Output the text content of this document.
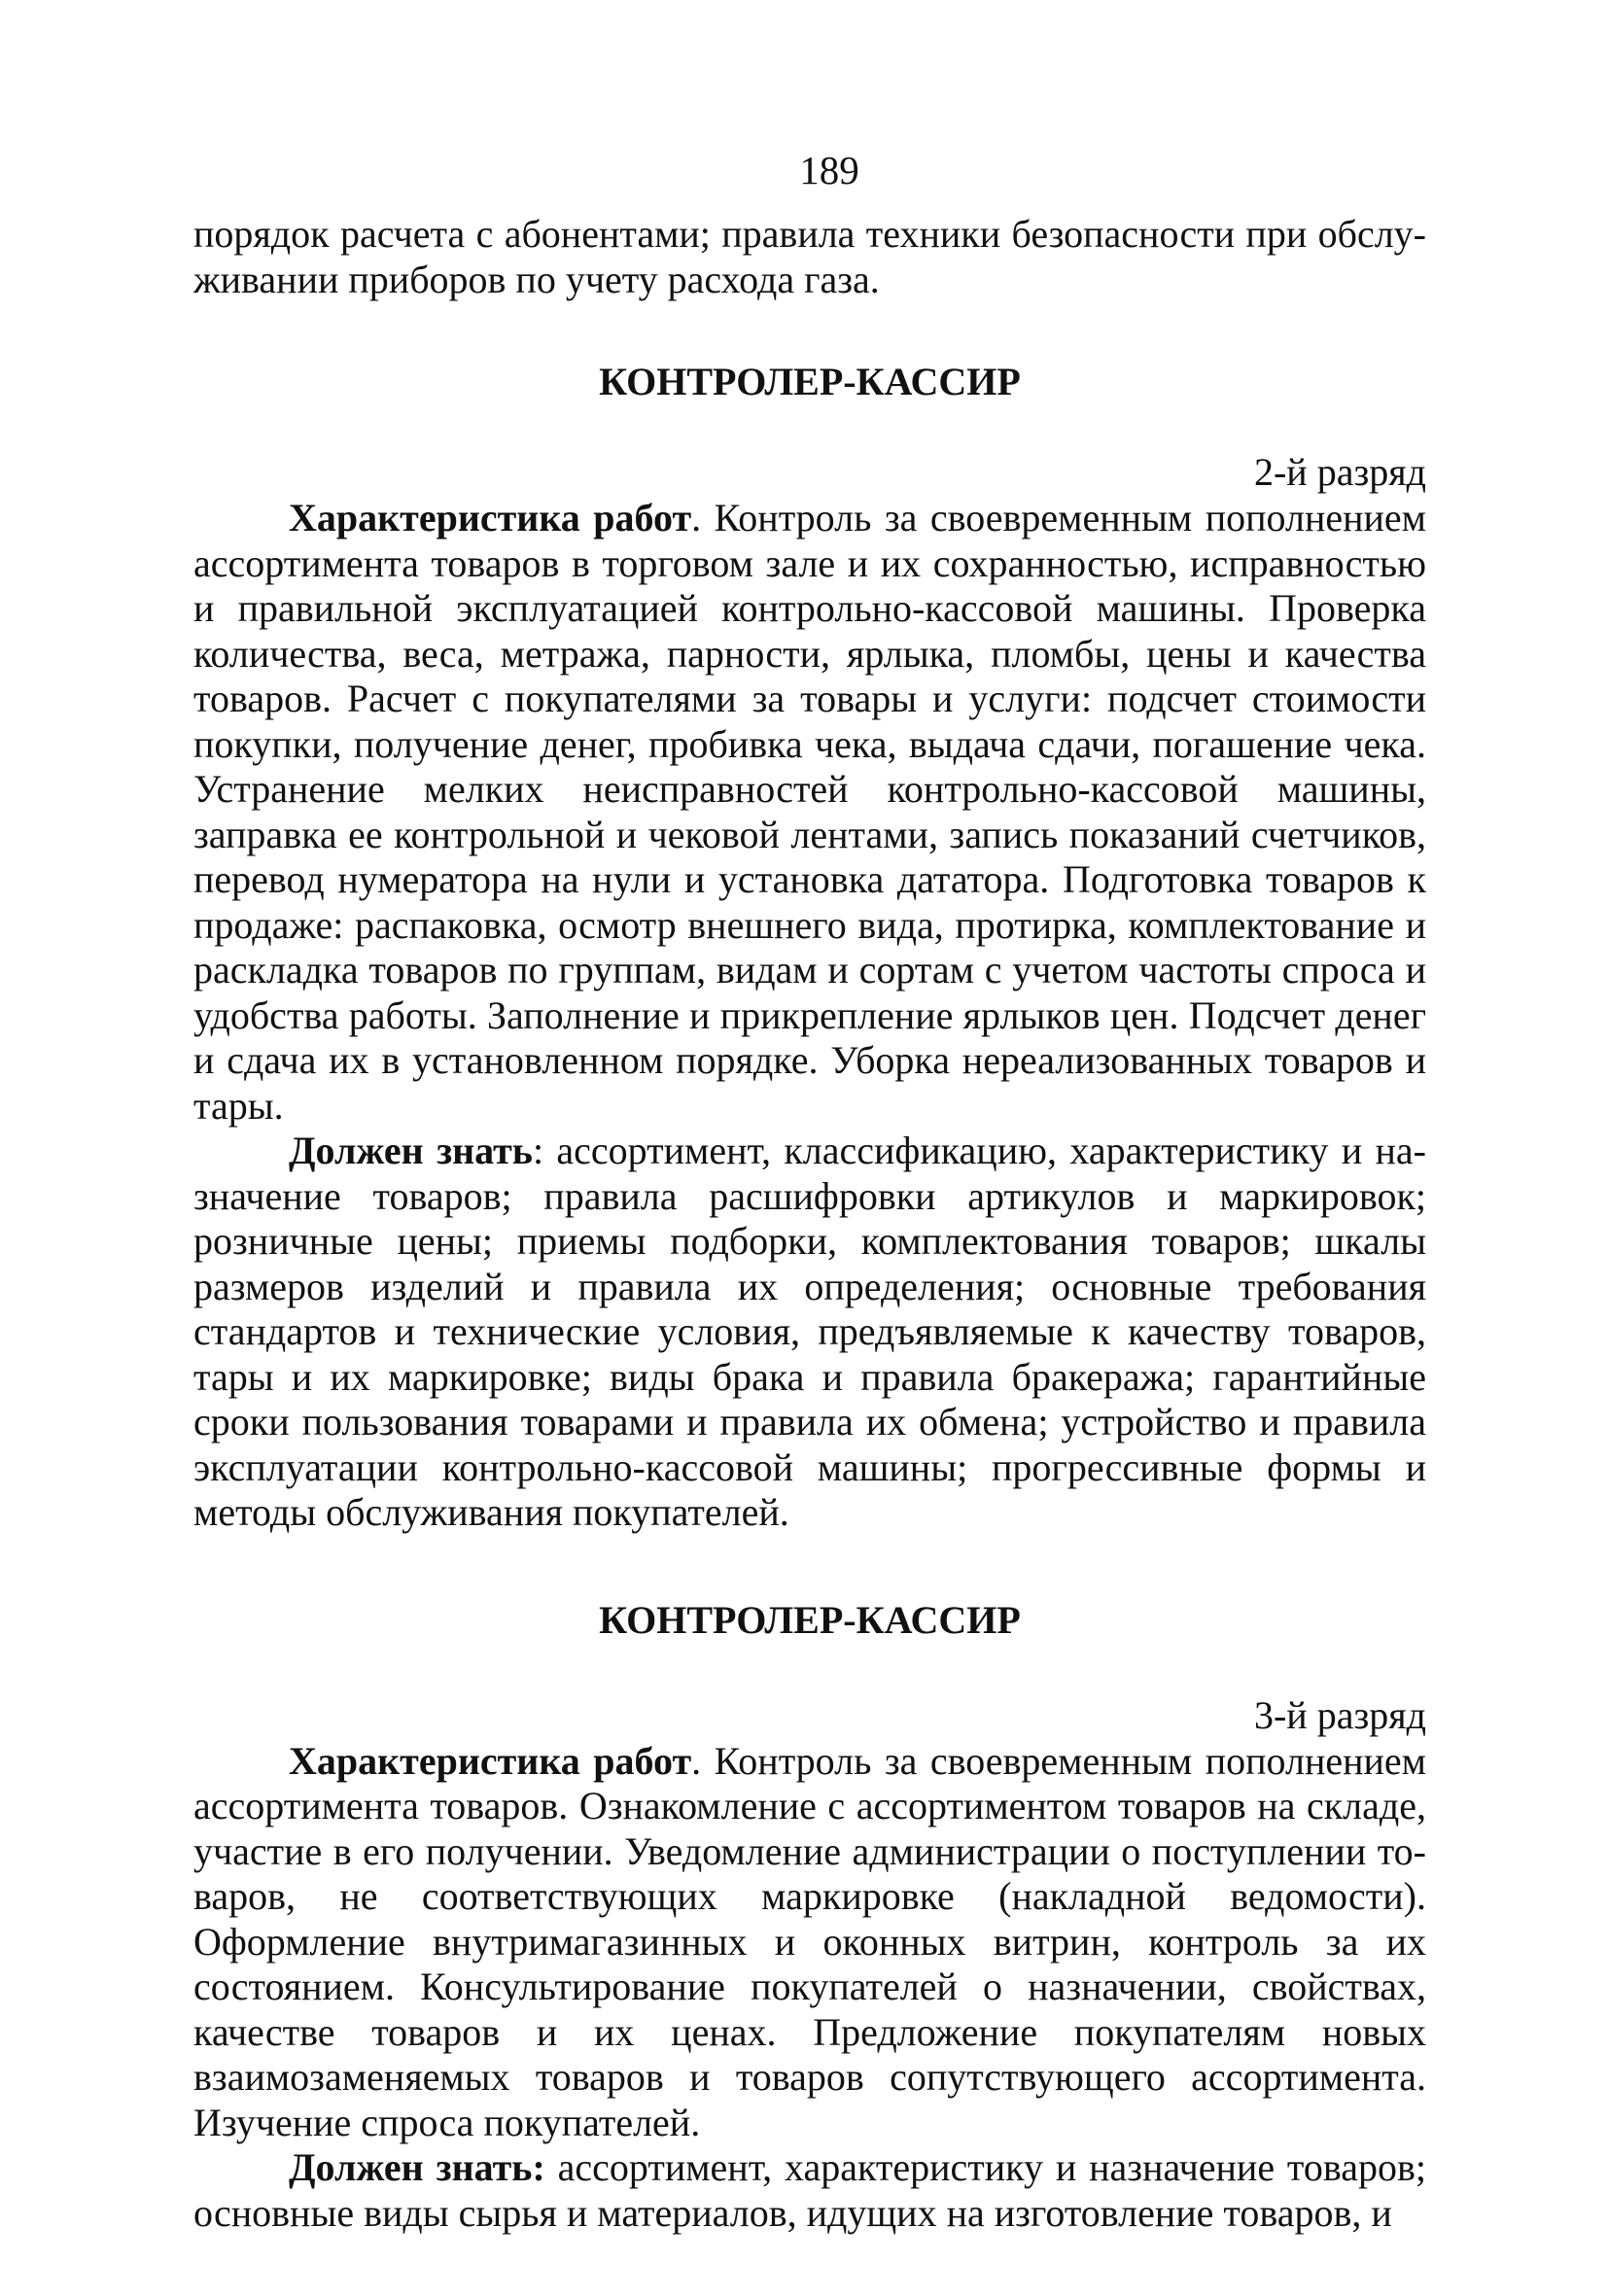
189

порядок расчета с абонентами; правила техники безопасности при обслуживании приборов по учету расхода газа.

КОНТРОЛЕР-КАССИР
2-й разряд

Характеристика работ. Контроль за своевременным пополнением ассортимента товаров в торговом зале и их сохранностью, исправностью и правильной эксплуатацией контрольно-кассовой машины. Проверка количества, веса, метража, парности, ярлыка, пломбы, цены и качества товаров. Расчет с покупателями за товары и услуги: подсчет стоимости покупки, получение денег, пробивка чека, выдача сдачи, погашение чека. Устранение мелких неисправностей контрольно-кассовой машины, заправка ее контрольной и чековой лентами, запись показаний счетчиков, перевод нумератора на нули и установка дататора. Подготовка товаров к продаже: распаковка, осмотр внешнего вида, протирка, комплектование и раскладка товаров по группам, видам и сортам с учетом частоты спроса и удобства работы. Заполнение и прикрепление ярлыков цен. Подсчет денег и сдача их в установленном порядке. Уборка нереализованных товаров и тары.

Должен знать: ассортимент, классификацию, характеристику и назначение товаров; правила расшифровки артикулов и маркировок; розничные цены; приемы подборки, комплектования товаров; шкалы размеров изделий и правила их определения; основные требования стандартов и технические условия, предъявляемые к качеству товаров, тары и их маркировке; виды брака и правила бракеража; гарантийные сроки пользования товарами и правила их обмена; устройство и правила эксплуатации контрольно-кассовой машины; прогрессивные формы и методы обслуживания покупателей.

КОНТРОЛЕР-КАССИР
3-й разряд

Характеристика работ. Контроль за своевременным пополнением ассортимента товаров. Ознакомление с ассортиментом товаров на складе, участие в его получении. Уведомление администрации о поступлении товаров, не соответствующих маркировке (накладной ведомости). Оформление внутримагазинных и оконных витрин, контроль за их состоянием. Консультирование покупателей о назначении, свойствах, качестве товаров и их ценах. Предложение покупателям новых взаимозаменяемых товаров и товаров сопутствующего ассортимента. Изучение спроса покупателей.

Должен знать: ассортимент, характеристику и назначение товаров; основные виды сырья и материалов, идущих на изготовление товаров, и
